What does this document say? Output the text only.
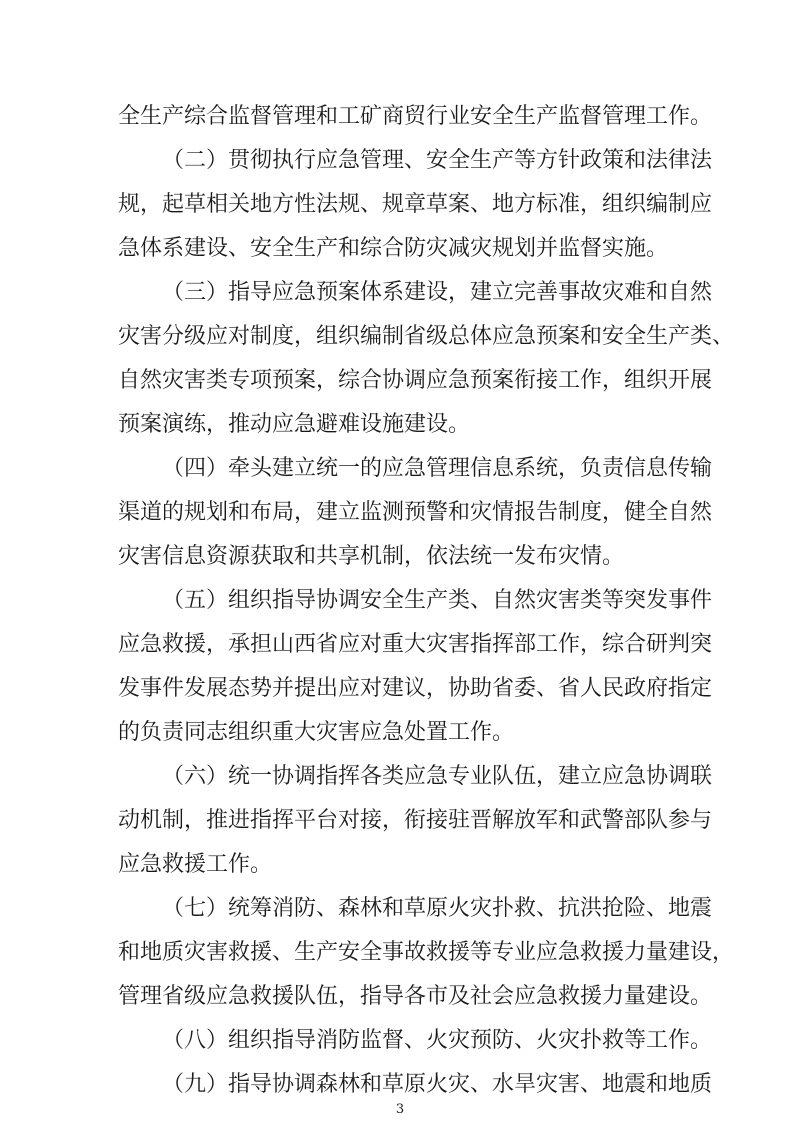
全生产综合监督管理和工矿商贸行业安全生产监督管理工作。
（二）贯彻执行应急管理、安全生产等方针政策和法律法
规，起草相关地方性法规、规章草案、地方标准，组织编制应
急体系建设、安全生产和综合防灾减灾规划并监督实施。
（三）指导应急预案体系建设，建立完善事故灾难和自然
灾害分级应对制度，组织编制省级总体应急预案和安全生产类、
自然灾害类专项预案，综合协调应急预案衔接工作，组织开展
预案演练，推动应急避难设施建设。
（四）牵头建立统一的应急管理信息系统，负责信息传输
渠道的规划和布局，建立监测预警和灾情报告制度，健全自然
灾害信息资源获取和共享机制，依法统一发布灾情。
（五）组织指导协调安全生产类、自然灾害类等突发事件
应急救援，承担山西省应对重大灾害指挥部工作，综合研判突
发事件发展态势并提出应对建议，协助省委、省人民政府指定
的负责同志组织重大灾害应急处置工作。
（六）统一协调指挥各类应急专业队伍，建立应急协调联
动机制，推进指挥平台对接，衔接驻晋解放军和武警部队参与
应急救援工作。
（七）统筹消防、森林和草原火灾扑救、抗洪抢险、地震
和地质灾害救援、生产安全事故救援等专业应急救援力量建设，
管理省级应急救援队伍，指导各市及社会应急救援力量建设。
（八）组织指导消防监督、火灾预防、火灾扑救等工作。
（九）指导协调森林和草原火灾、水旱灾害、地震和地质
3
